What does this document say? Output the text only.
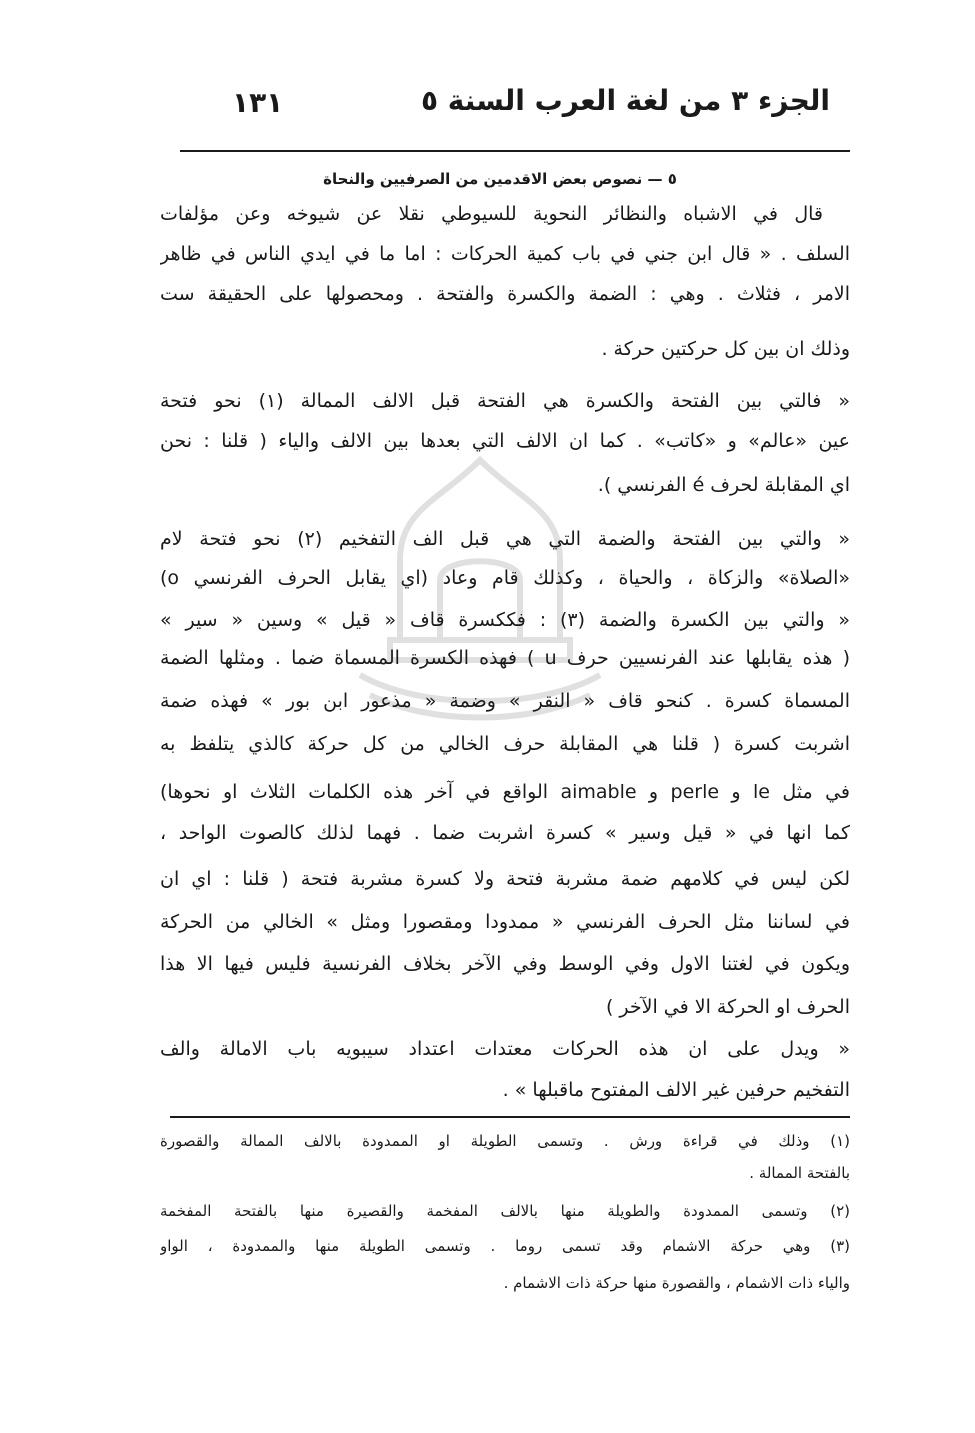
١٣١	الجزء ٣ من لغة العرب السنة ٥
٥ — نصوص بعض الاقدمين من الصرفيين والنحاة
قال في الاشباه والنظائر النحوية للسيوطي نقلا عن شيوخه وعن مؤلفات
السلف . « قال ابن جني في باب كمية الحركات : اما ما في ايدي الناس في ظاهر
الامر ، فثلاث . وهي : الضمة والكسرة والفتحة . ومحصولها على الحقيقة ست
وذلك ان بين كل حركتين حركة .
« فالتي بين الفتحة والكسرة هي الفتحة قبل الالف الممالة (١) نحو فتحة
عين «عالم» و «كاتب» . كما ان الالف التي بعدها بين الالف والياء ( قلنا : نحن
اي المقابلة لحرف é الفرنسي ).
« والتي بين الفتحة والضمة التي هي قبل الف التفخيم (٢) نحو فتحة لام
«الصلاة» والزكاة ، والحياة ، وكذلك قام وعاد (اي يقابل الحرف الفرنسي o)
« والتي بين الكسرة والضمة (٣) : فككسرة قاف « قيل » وسين « سير »
( هذه يقابلها عند الفرنسيين حرف u ) فهذه الكسرة المسماة ضما . ومثلها الضمة
المسماة كسرة . كنحو قاف « النقر » وضمة « مذعور ابن بور » فهذه ضمة
اشربت كسرة ( قلنا هي المقابلة حرف الخالي من كل حركة كالذي يتلفظ به
في مثل le و perle و aimable الواقع في آخر هذه الكلمات الثلاث او نحوها)
كما انها في « قيل وسير » كسرة اشربت ضما . فهما لذلك كالصوت الواحد ،
لكن ليس في كلامهم ضمة مشربة فتحة ولا كسرة مشربة فتحة ( قلنا : اي ان
في لساننا مثل الحرف الفرنسي « ممدودا ومقصورا ومثل » الخالي من الحركة
ويكون في لغتنا الاول وفي الوسط وفي الآخر بخلاف الفرنسية فليس فيها الا هذا
الحرف او الحركة الا في الآخر )
« ويدل على ان هذه الحركات معتدات اعتداد سيبويه باب الامالة والف
التفخيم حرفين غير الالف المفتوح ماقبلها » .
(١) وذلك في قراءة ورش . وتسمى الطويلة او الممدودة بالالف الممالة والقصورة
بالفتحة الممالة .
(٢) وتسمى الممدودة والطويلة منها بالالف المفخمة والقصيرة منها بالفتحة المفخمة
(٣) وهي حركة الاشمام وقد تسمى روما . وتسمى الطويلة منها والممدودة ، الواو
والياء ذات الاشمام ، والقصورة منها حركة ذات الاشمام .
